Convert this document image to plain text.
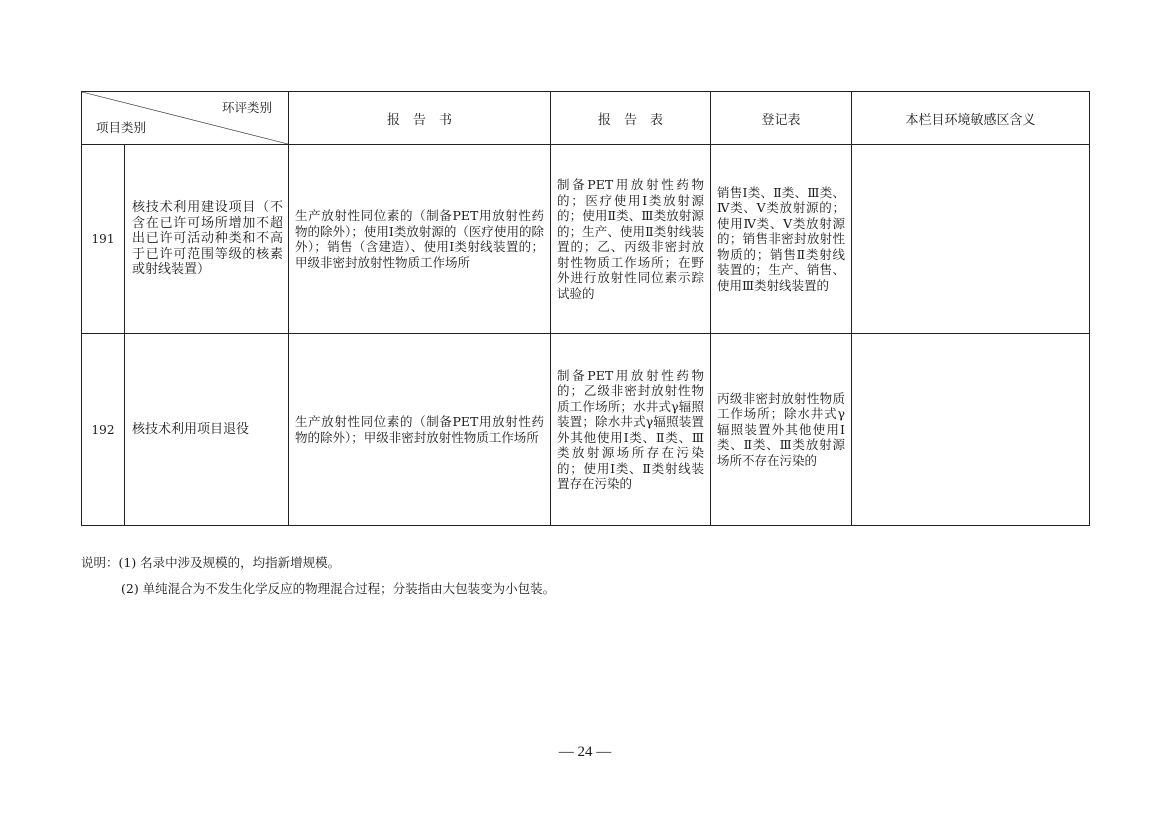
环评类别
项目类别		报　告　书	报　告　表	登记表	本栏目环境敏感区含义
191	核技术利用建设项目（不含在已许可场所增加不超出已许可活动种类和不高于已许可范围等级的核素或射线装置）	生产放射性同位素的（制备PET用放射性药物的除外）；使用Ⅰ类放射源的（医疗使用的除外）；销售（含建造）、使用Ⅰ类射线装置的；甲级非密封放射性物质工作场所	制备PET用放射性药物的；医疗使用Ⅰ类放射源的；使用Ⅱ类、Ⅲ类放射源的；生产、使用Ⅱ类射线装置的；乙、丙级非密封放射性物质工作场所；在野外进行放射性同位素示踪试验的	销售Ⅰ类、Ⅱ类、Ⅲ类、Ⅳ类、Ⅴ类放射源的；使用Ⅳ类、Ⅴ类放射源的；销售非密封放射性物质的；销售Ⅱ类射线装置的；生产、销售、使用Ⅲ类射线装置的	

192	核技术利用项目退役	生产放射性同位素的（制备PET用放射性药物的除外）；甲级非密封放射性物质工作场所	制备PET用放射性药物的；乙级非密封放射性物质工作场所；水井式γ辐照装置；除水井式γ辐照装置外其他使用Ⅰ类、Ⅱ类、Ⅲ类放射源场所存在污染的；使用Ⅰ类、Ⅱ类射线装置存在污染的	丙级非密封放射性物质工作场所；除水井式γ辐照装置外其他使用Ⅰ类、Ⅱ类、Ⅲ类放射源场所不存在污染的	

说明：(1) 名录中涉及规模的，均指新增规模。
(2) 单纯混合为不发生化学反应的物理混合过程；分装指由大包装变为小包装。
— 24 —
